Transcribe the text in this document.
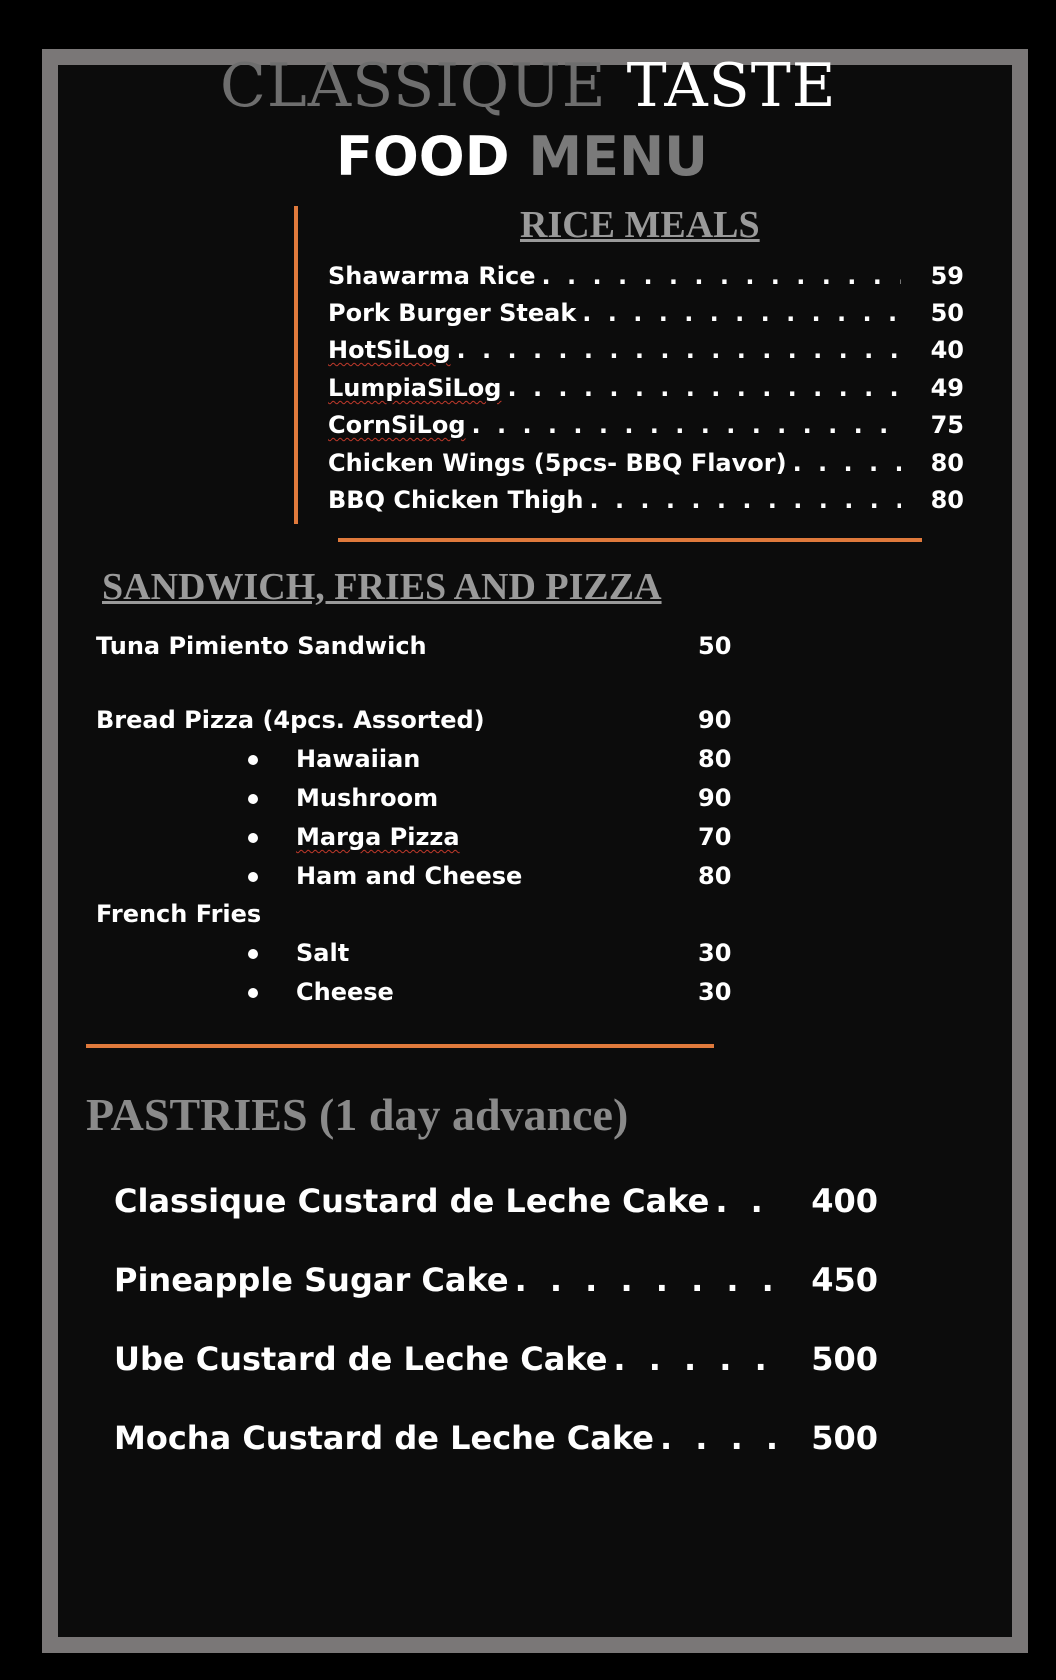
CLASSIQUE TASTE
FOOD MENU
RICE MEALS
Shawarma Rice . . .	59
Pork Burger Steak . . .	50
HotSiLog . . .	40
LumpiaSiLog . . .	49
CornSiLog . . .	75
Chicken Wings (5pcs- BBQ Flavor) . . .	80
BBQ Chicken Thigh . . .	80
SANDWICH, FRIES AND PIZZA
Tuna Pimiento Sandwich	50
Bread Pizza (4pcs. Assorted)	90
Hawaiian	80
Mushroom	90
Marga Pizza	70
Ham and Cheese	80
French Fries
Salt	30
Cheese	30
PASTRIES (1 day advance)
Classique Custard de Leche Cake . . .	400
Pineapple Sugar Cake . . .	450
Ube Custard de Leche Cake . . .	500
Mocha Custard de Leche Cake . . .	500
